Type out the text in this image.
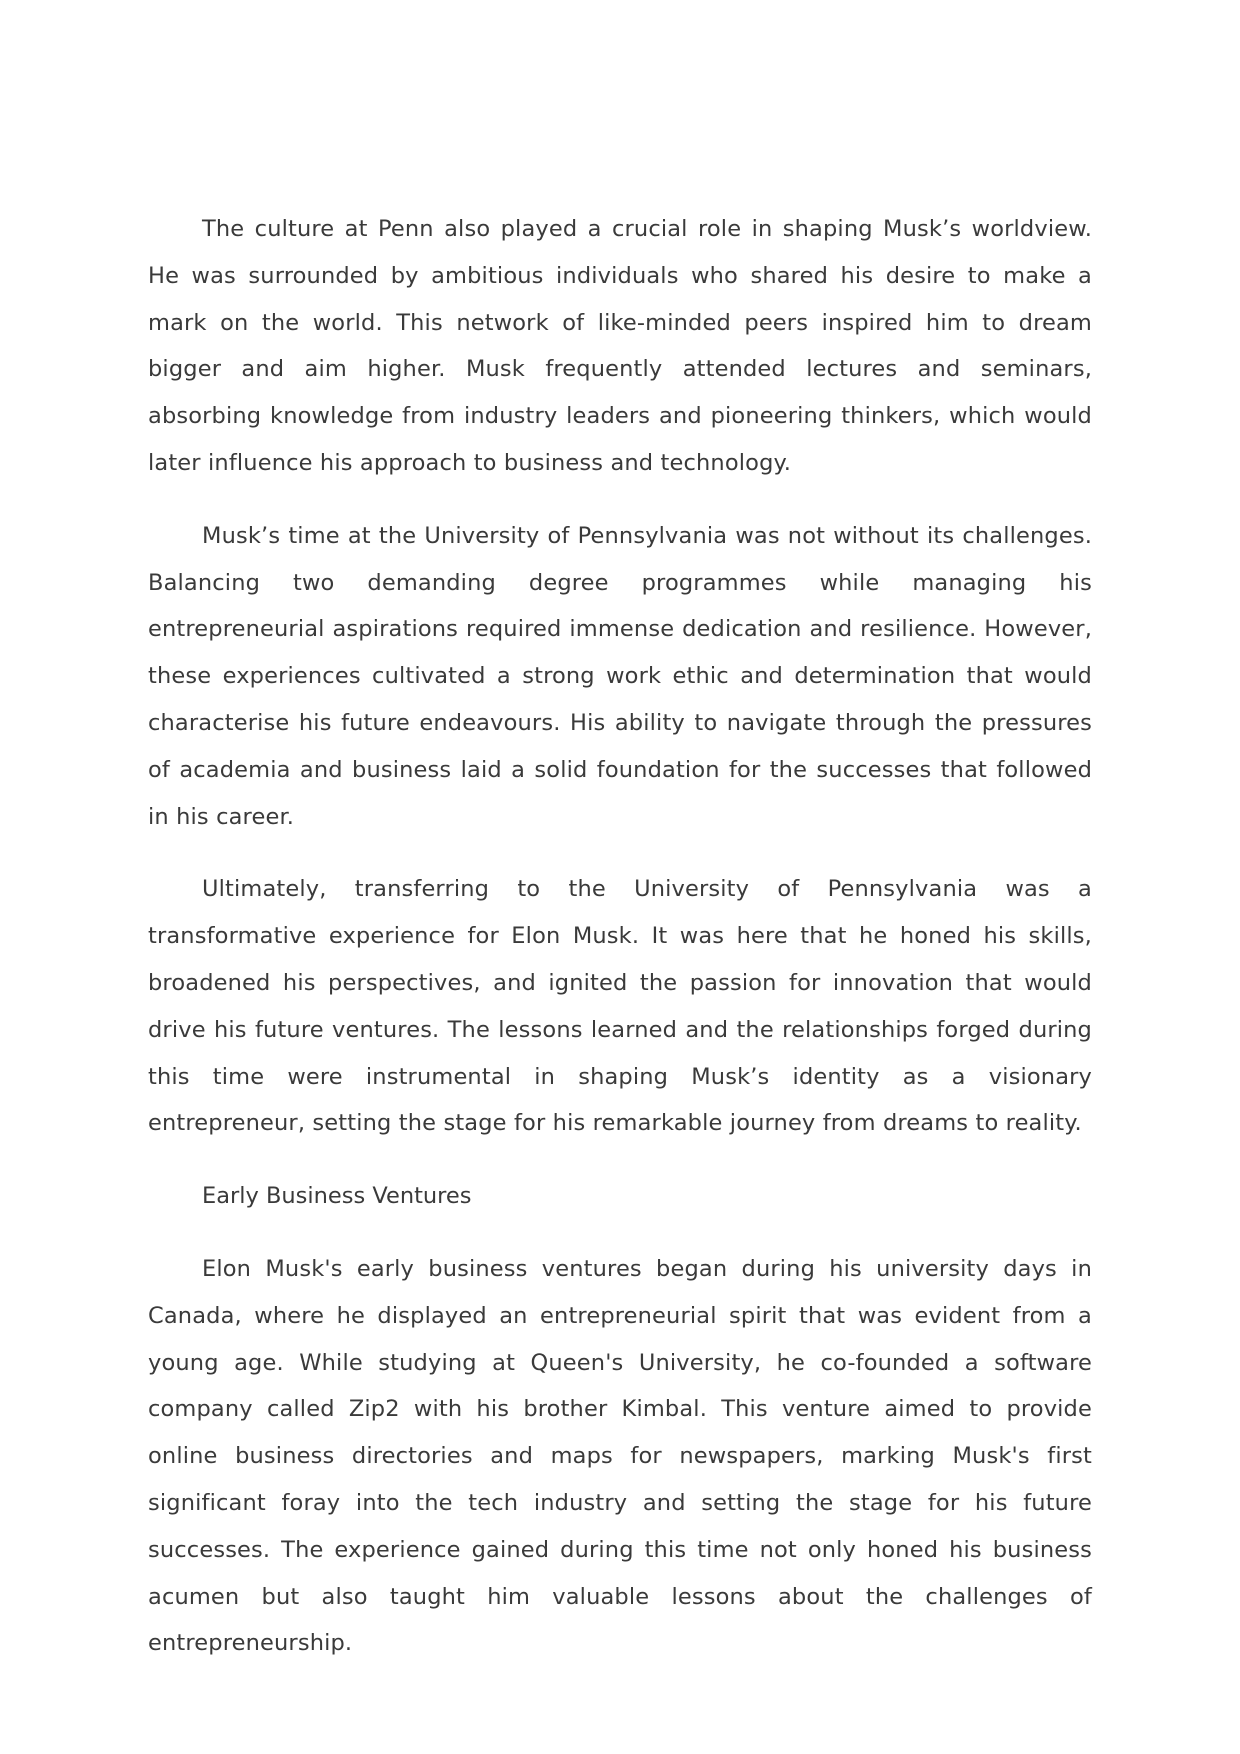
The culture at Penn also played a crucial role in shaping Musk’s worldview. He was surrounded by ambitious individuals who shared his desire to make a mark on the world. This network of like-minded peers inspired him to dream bigger and aim higher. Musk frequently attended lectures and seminars, absorbing knowledge from industry leaders and pioneering thinkers, which would later influence his approach to business and technology.

Musk’s time at the University of Pennsylvania was not without its challenges. Balancing two demanding degree programmes while managing his entrepreneurial aspirations required immense dedication and resilience. However, these experiences cultivated a strong work ethic and determination that would characterise his future endeavours. His ability to navigate through the pressures of academia and business laid a solid foundation for the successes that followed in his career.

Ultimately, transferring to the University of Pennsylvania was a transformative experience for Elon Musk. It was here that he honed his skills, broadened his perspectives, and ignited the passion for innovation that would drive his future ventures. The lessons learned and the relationships forged during this time were instrumental in shaping Musk’s identity as a visionary entrepreneur, setting the stage for his remarkable journey from dreams to reality.

Early Business Ventures

Elon Musk's early business ventures began during his university days in Canada, where he displayed an entrepreneurial spirit that was evident from a young age. While studying at Queen's University, he co-founded a software company called Zip2 with his brother Kimbal. This venture aimed to provide online business directories and maps for newspapers, marking Musk's first significant foray into the tech industry and setting the stage for his future successes. The experience gained during this time not only honed his business acumen but also taught him valuable lessons about the challenges of entrepreneurship.
